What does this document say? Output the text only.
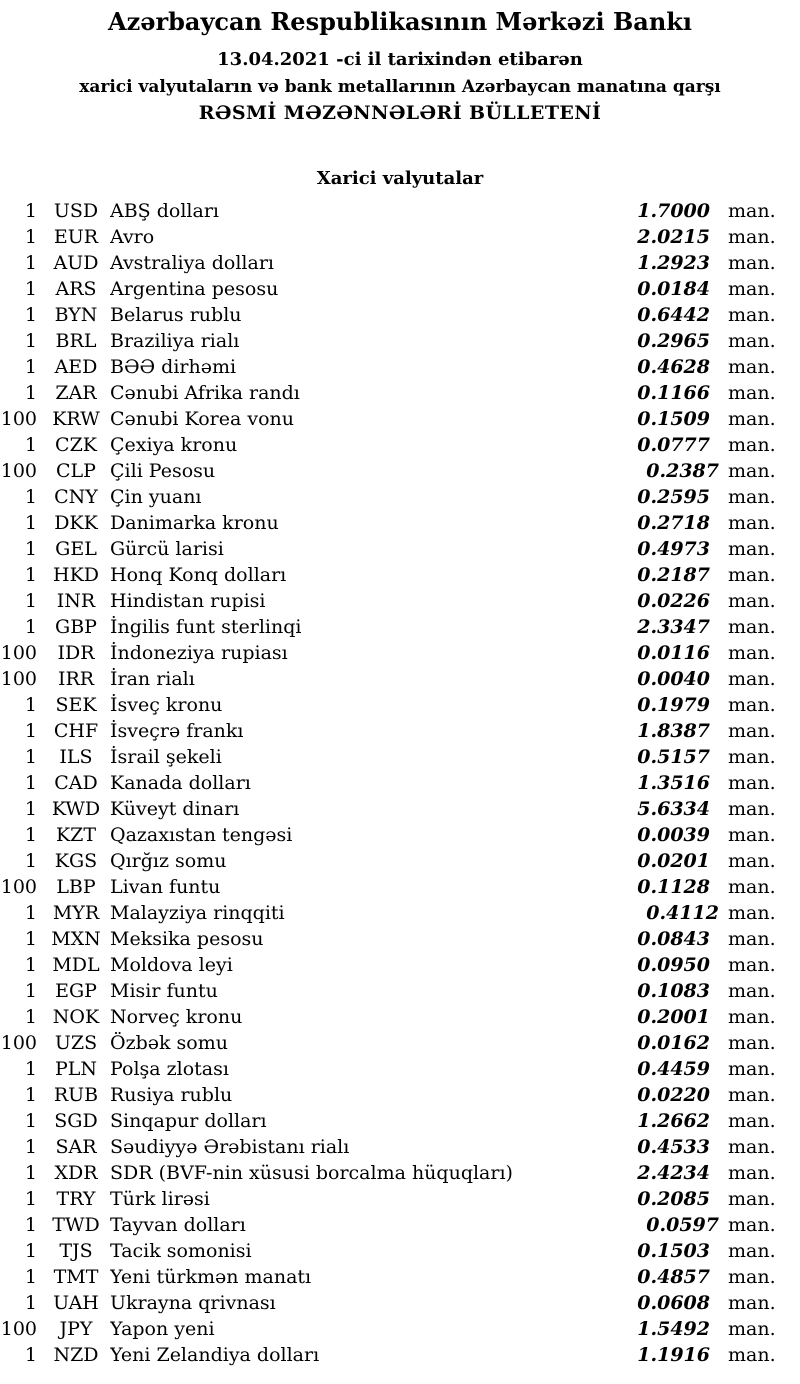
Azərbaycan Respublikasının Mərkəzi Bankı
13.04.2021 -ci il tarixindən etibarən
xarici valyutaların və bank metallarının Azərbaycan manatına qarşı
RƏSMİ MƏZƏNNƏLƏRİ BÜLLETENİ
Xarici valyutalar
1 USD ABŞ dolları	1.7000 man.
1 EUR Avro	2.0215 man.
1 AUD Avstraliya dolları	1.2923 man.
1 ARS Argentina pesosu	0.0184 man.
1 BYN Belarus rublu	0.6442 man.
1 BRL Braziliya rialı	0.2965 man.
1 AED BƏƏ dirhəmi	0.4628 man.
1 ZAR Cənubi Afrika randı	0.1166 man.
100 KRW Cənubi Korea vonu	0.1509 man.
1 CZK Çexiya kronu	0.0777 man.
100	CLP Çili Pesosu	0.2387 man.
1 CNY Çin yuanı	0.2595 man.
1 DKK Danimarka kronu	0.2718 man.
1 GEL Gürcü larisi	0.4973 man.
1 HKD Honq Konq dolları	0.2187 man.
1	INR Hindistan rupisi	0.0226 man.
1 GBP İngilis funt sterlinqi	2.3347 man.
100	IDR İndoneziya rupiası	0.0116 man.
100	IRR İran rialı	0.0040 man.
1 SEK İsveç kronu	0.1979 man.
1 CHF İsveçrə frankı	1.8387 man.
1	ILS İsrail şekeli	0.5157 man.
1 CAD Kanada dolları	1.3516 man.
1 KWD Küveyt dinarı	5.6334 man.
1 KZT Qazaxıstan tengəsi	0.0039 man.
1 KGS Qırğız somu	0.0201 man.
100	LBP Livan funtu	0.1128 man.
1 MYR Malayziya rinqqiti	0.4112 man.
1 MXN Meksika pesosu	0.0843 man.
1 MDL Moldova leyi	0.0950 man.
1 EGP Misir funtu	0.1083 man.
1 NOK Norveç kronu	0.2001 man.
100 UZS Özbək somu	0.0162 man.
1 PLN Polşa zlotası	0.4459 man.
1 RUB Rusiya rublu	0.0220 man.
1 SGD Sinqapur dolları	1.2662 man.
1 SAR Səudiyyə Ərəbistanı rialı	0.4533 man.
1 XDR SDR (BVF-nin xüsusi borcalma hüquqları)	2.4234 man.
1	TRY Türk lirəsi	0.2085 man.
1 TWD Tayvan dolları	0.0597 man.
1	TJS Tacik somonisi	0.1503 man.
1 TMT Yeni türkmən manatı	0.4857 man.
1 UAH Ukrayna qrivnası	0.0608 man.
100	JPY Yapon yeni	1.5492 man.
1 NZD Yeni Zelandiya dolları	1.1916 man.
